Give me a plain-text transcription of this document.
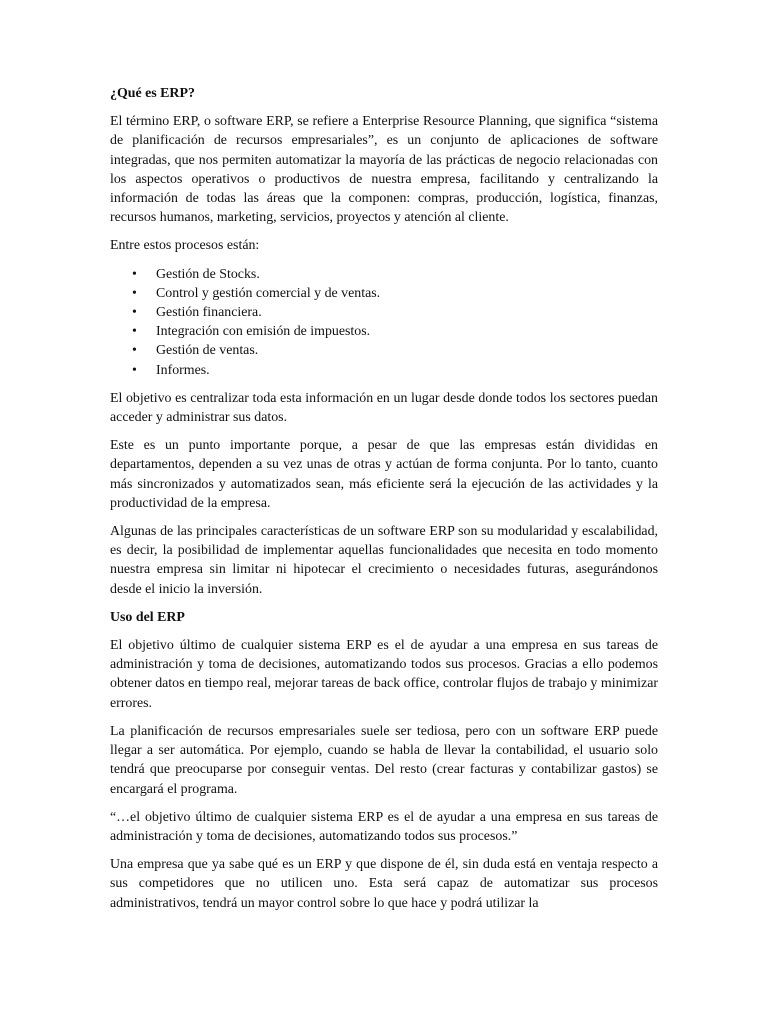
¿Qué es ERP?

El término ERP, o software ERP, se refiere a Enterprise Resource Planning, que significa “sistema de planificación de recursos empresariales”, es un conjunto de aplicaciones de software integradas, que nos permiten automatizar la mayoría de las prácticas de negocio relacionadas con los aspectos operativos o productivos de nuestra empresa, facilitando y centralizando la información de todas las áreas que la componen: compras, producción, logística, finanzas, recursos humanos, marketing, servicios, proyectos y atención al cliente.

Entre estos procesos están:

• Gestión de Stocks.
• Control y gestión comercial y de ventas.
• Gestión financiera.
• Integración con emisión de impuestos.
• Gestión de ventas.
• Informes.

El objetivo es centralizar toda esta información en un lugar desde donde todos los sectores puedan acceder y administrar sus datos.

Este es un punto importante porque, a pesar de que las empresas están divididas en departamentos, dependen a su vez unas de otras y actúan de forma conjunta. Por lo tanto, cuanto más sincronizados y automatizados sean, más eficiente será la ejecución de las actividades y la productividad de la empresa.

Algunas de las principales características de un software ERP son su modularidad y escalabilidad, es decir, la posibilidad de implementar aquellas funcionalidades que necesita en todo momento nuestra empresa sin limitar ni hipotecar el crecimiento o necesidades futuras, asegurándonos desde el inicio la inversión.

Uso del ERP

El objetivo último de cualquier sistema ERP es el de ayudar a una empresa en sus tareas de administración y toma de decisiones, automatizando todos sus procesos. Gracias a ello podemos obtener datos en tiempo real, mejorar tareas de back office, controlar flujos de trabajo y minimizar errores.

La planificación de recursos empresariales suele ser tediosa, pero con un software ERP puede llegar a ser automática. Por ejemplo, cuando se habla de llevar la contabilidad, el usuario solo tendrá que preocuparse por conseguir ventas. Del resto (crear facturas y contabilizar gastos) se encargará el programa.

“…el objetivo último de cualquier sistema ERP es el de ayudar a una empresa en sus tareas de administración y toma de decisiones, automatizando todos sus procesos.”

Una empresa que ya sabe qué es un ERP y que dispone de él, sin duda está en ventaja respecto a sus competidores que no utilicen uno. Esta será capaz de automatizar sus procesos administrativos, tendrá un mayor control sobre lo que hace y podrá utilizar la
